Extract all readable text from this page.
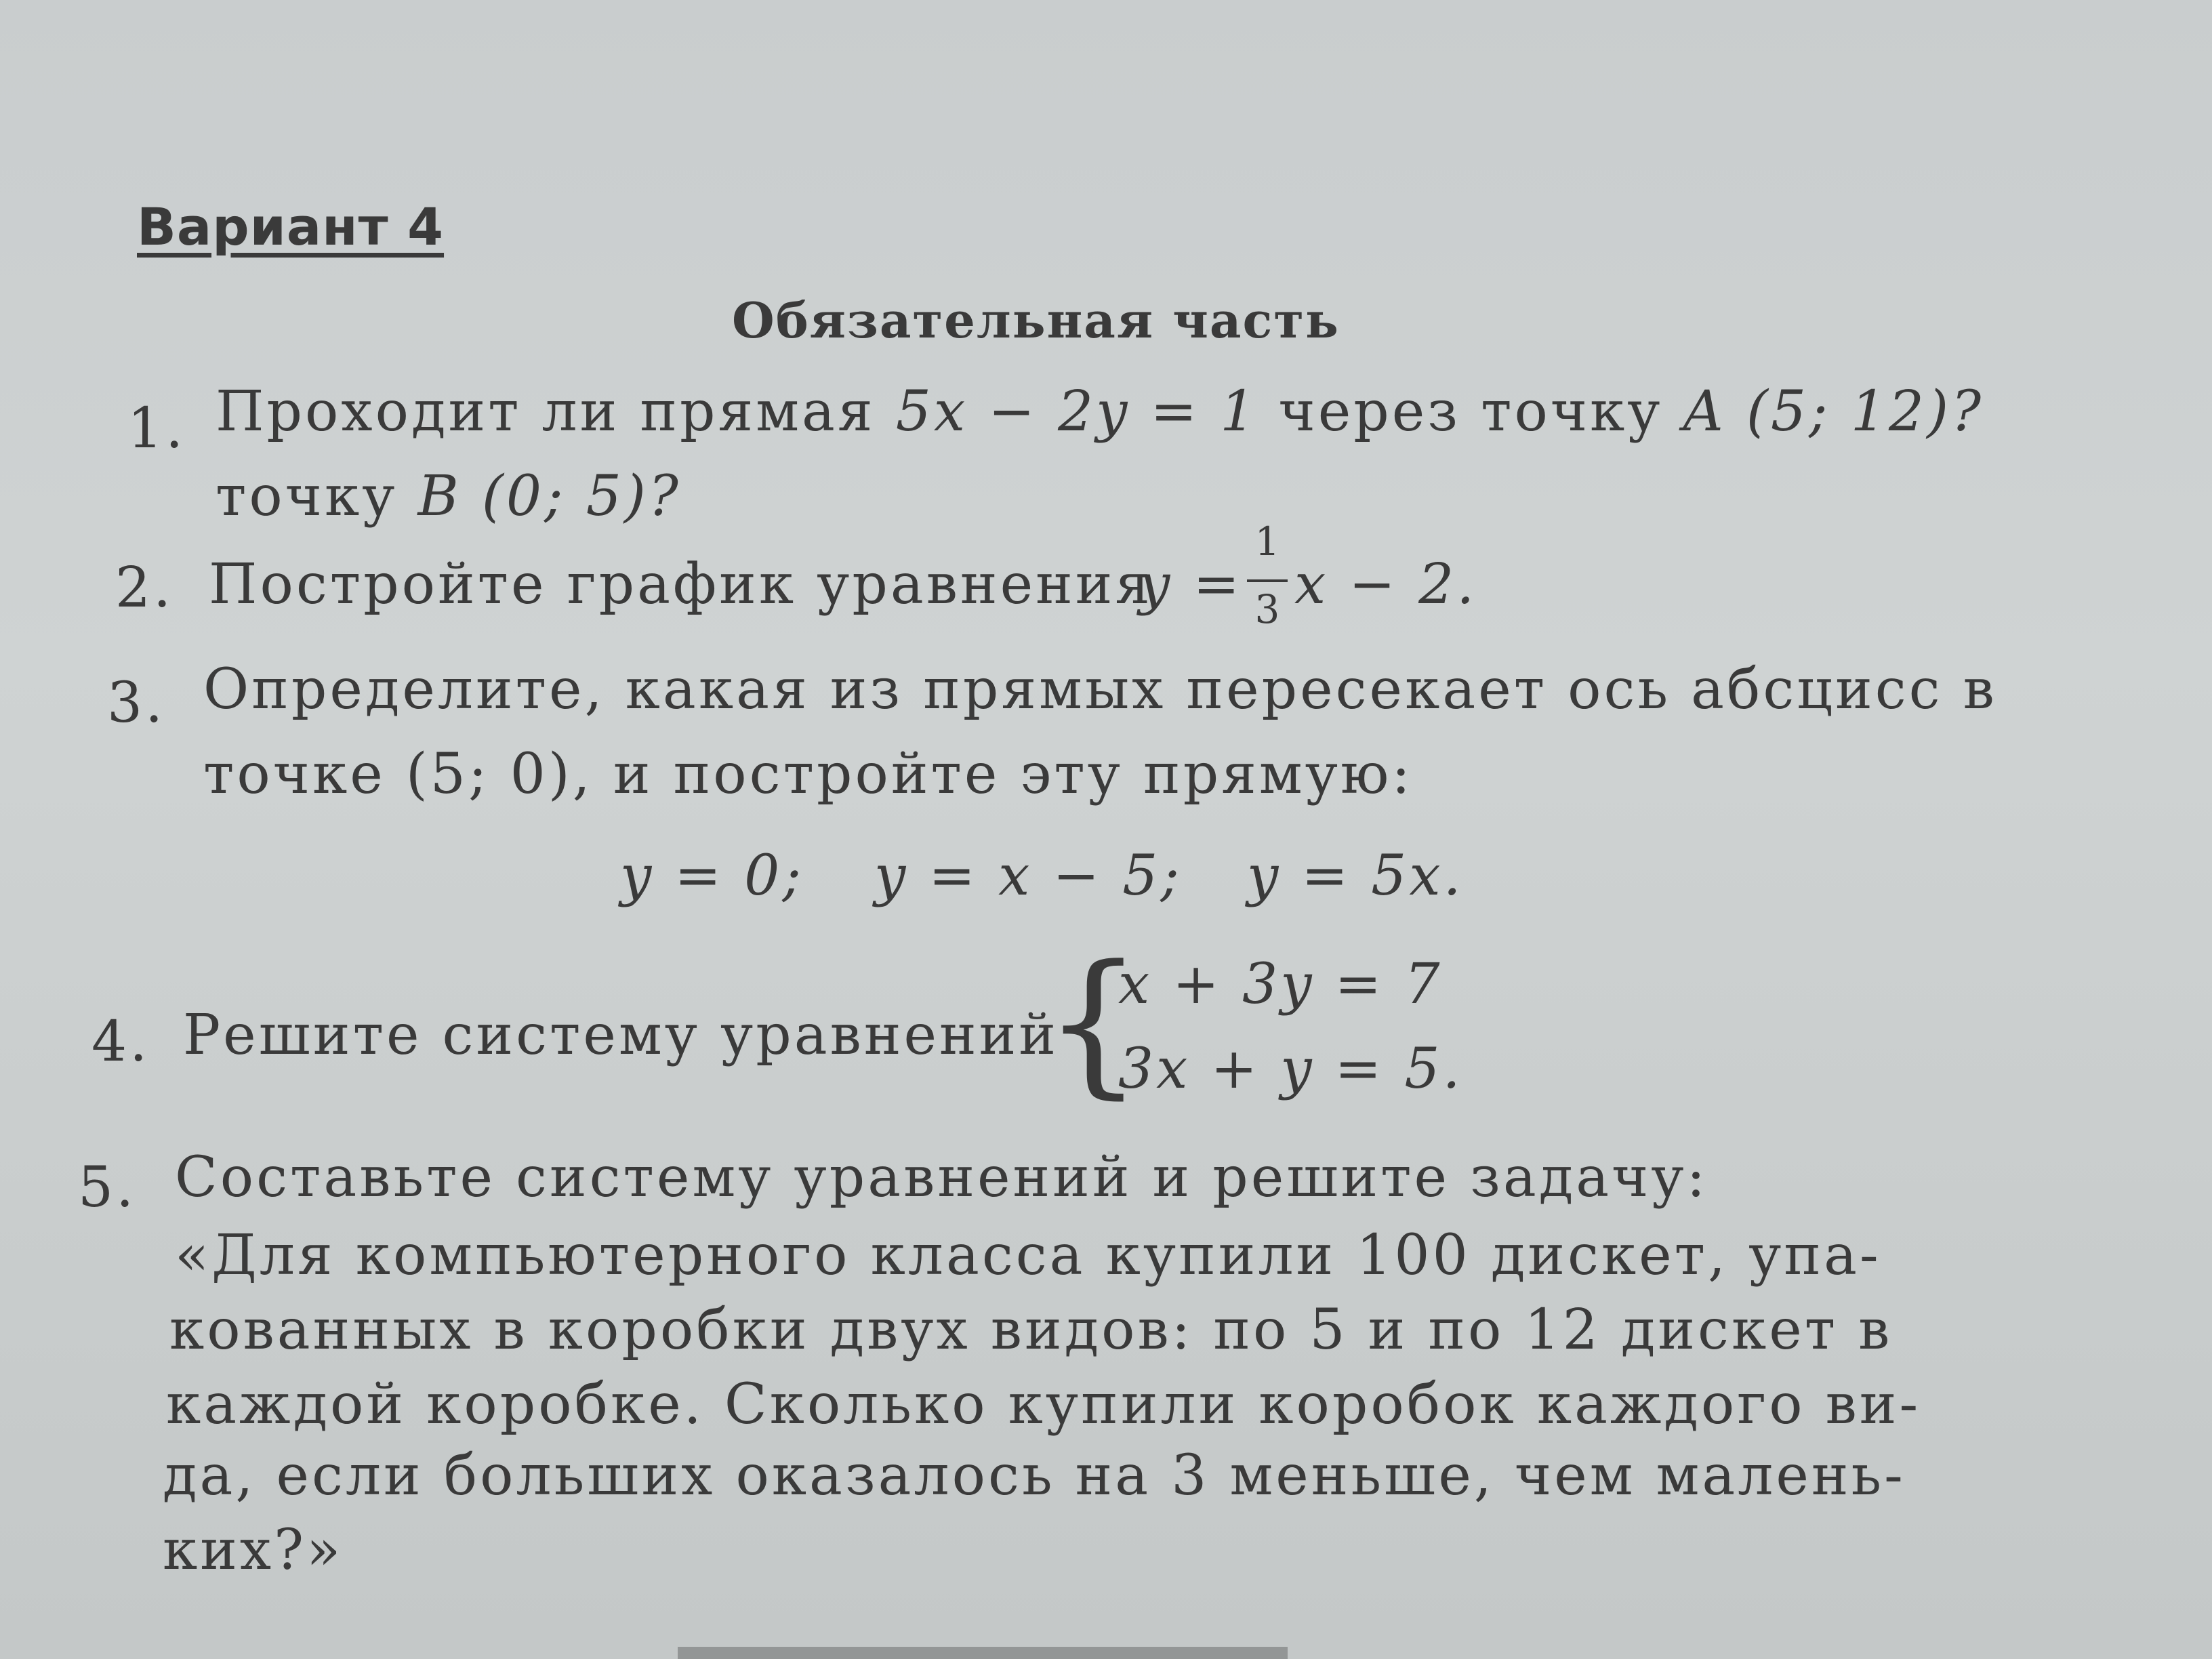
Вариант 4
Обязательная часть
1. Проходит ли прямая 5x − 2y = 1 через точку A (5; 12)?
точку B (0; 5)?
2. Постройте график уравнения
y =
1
3 x − 2.
3. Определите, какая из прямых пересекает ось абсцисс в
точке (5; 0), и постройте эту прямую:
y = 0; y = x − 5; y = 5x.
4. Решите систему уравнений
{
x + 3y = 7
3x + y = 5.
5. Составьте систему уравнений и решите задачу:
«Для компьютерного класса купили 100 дискет, упа-
кованных в коробки двух видов: по 5 и по 12 дискет в
каждой коробке. Сколько купили коробок каждого ви-
да, если больших оказалось на 3 меньше, чем малень-
ких?»
